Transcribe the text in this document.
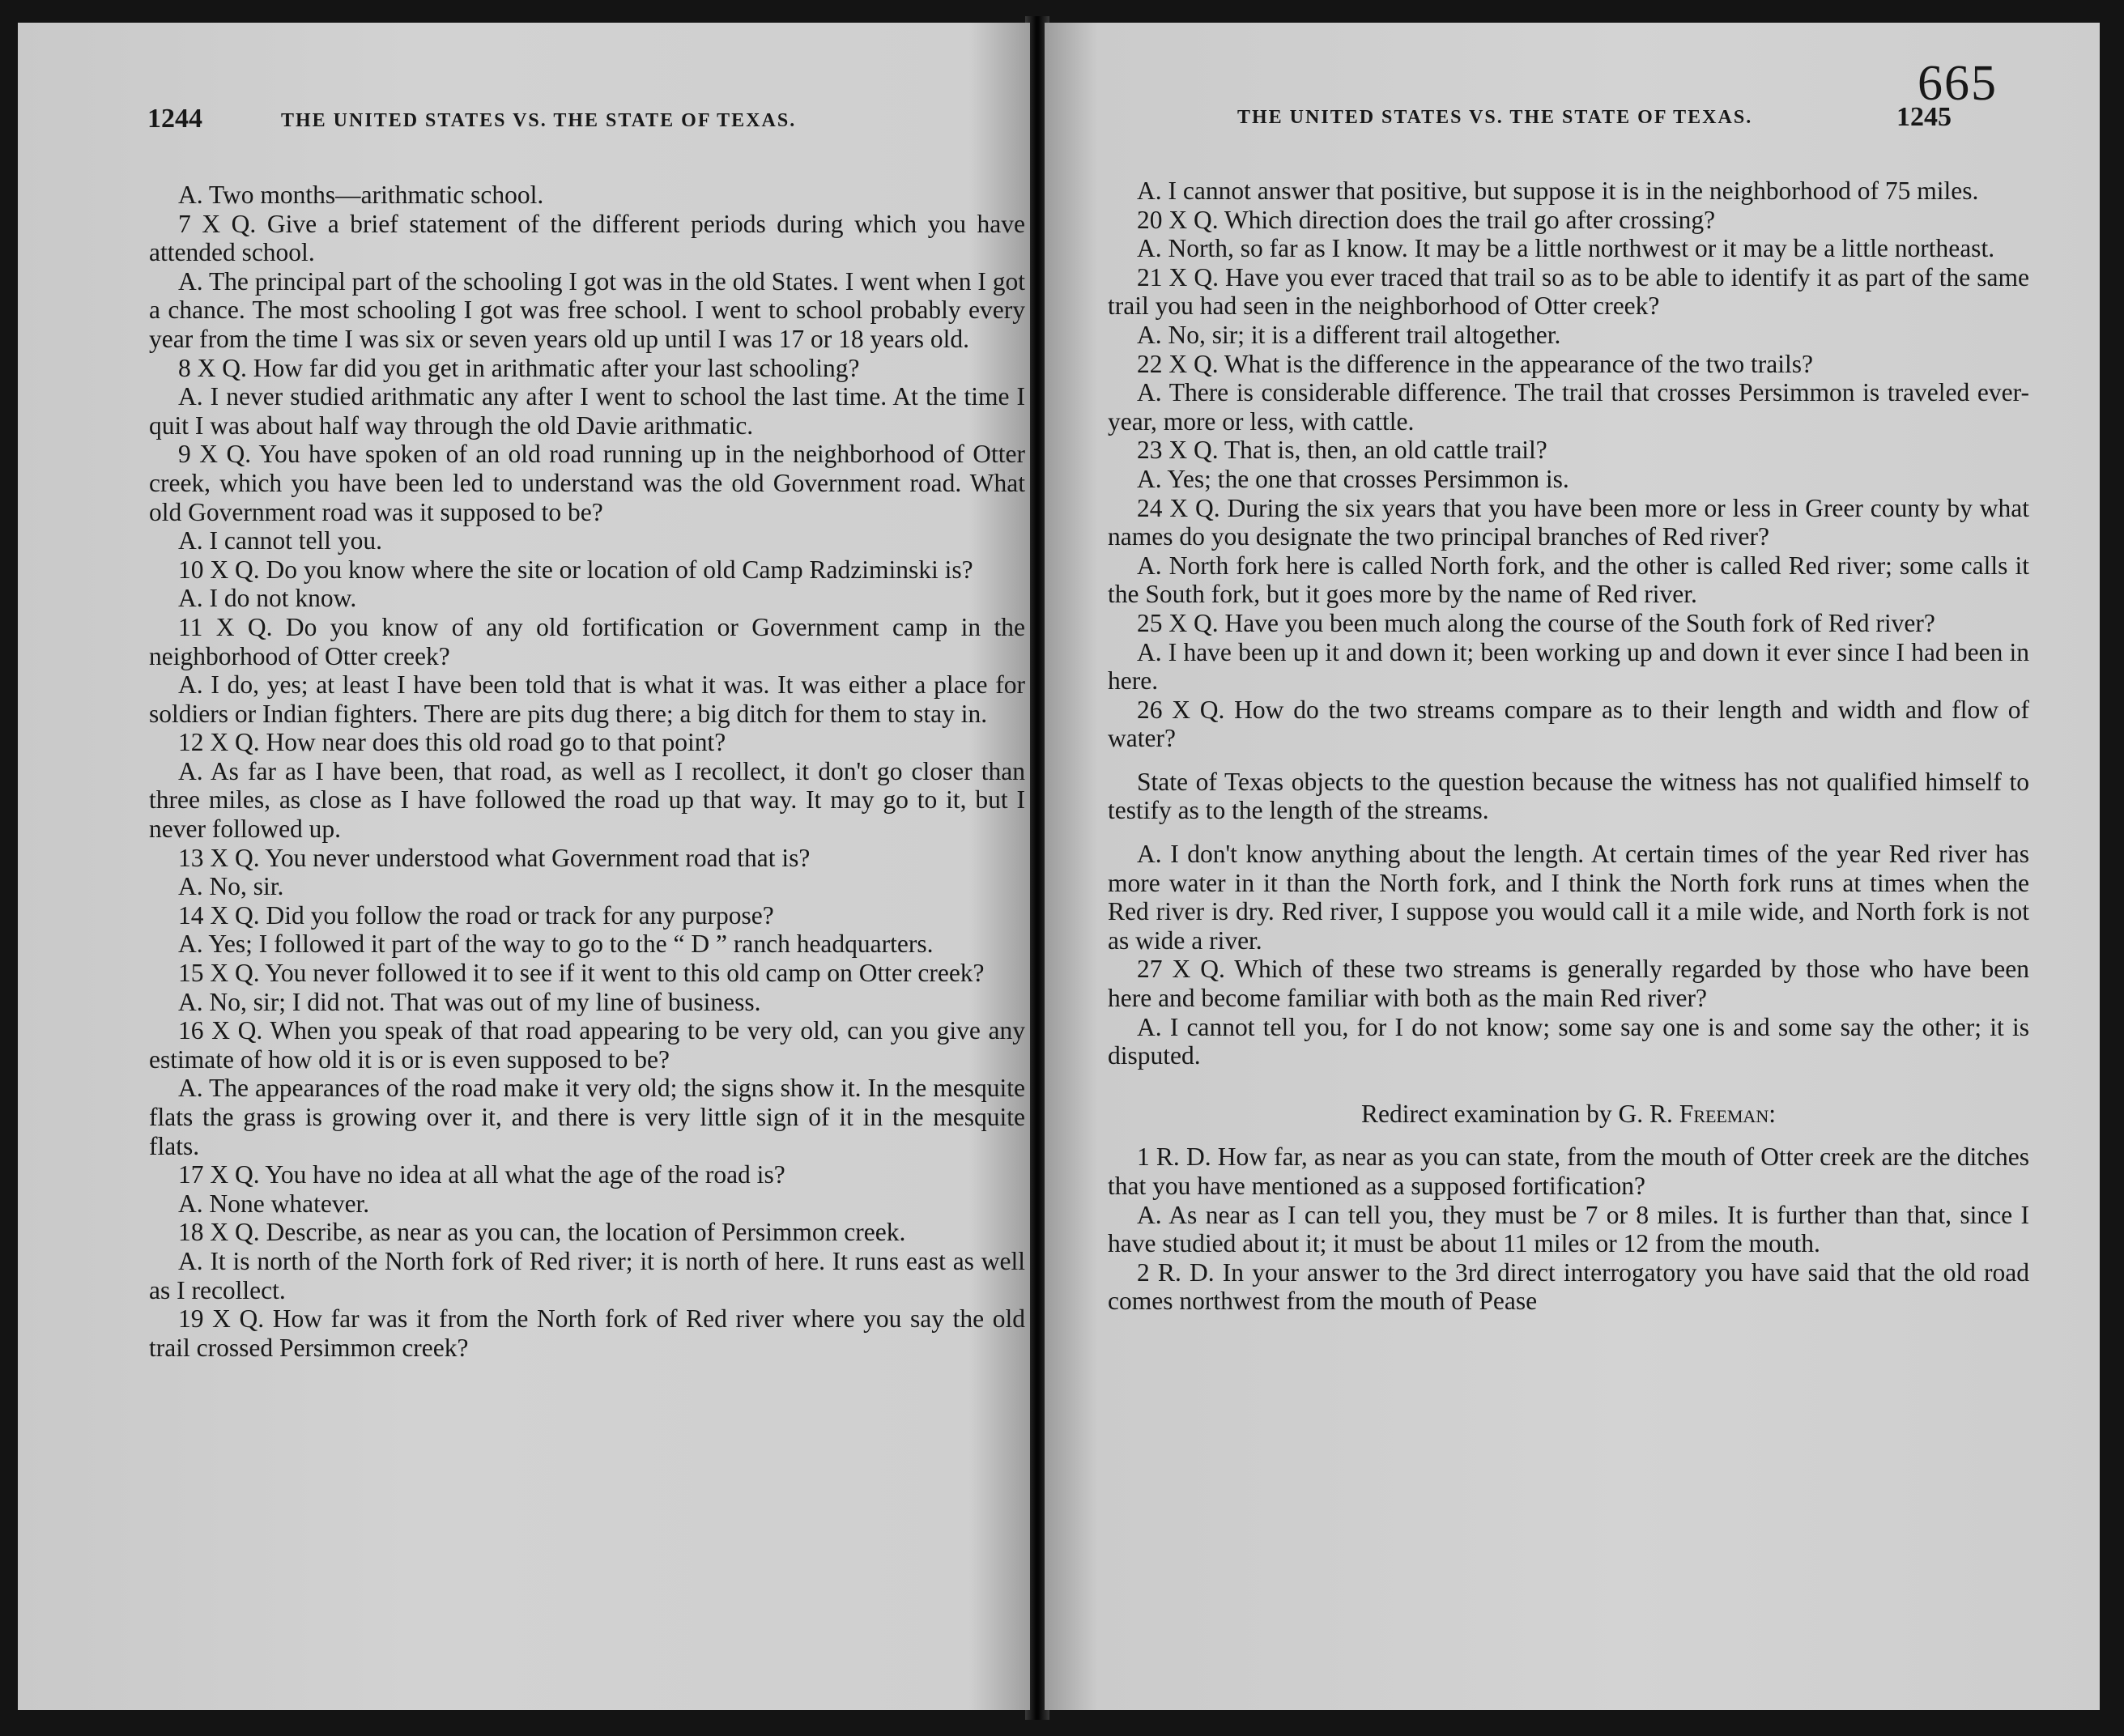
1244	THE UNITED STATES VS. THE STATE OF TEXAS.

A. Two months—arithmatic school.

7 X Q. Give a brief statement of the different periods during which you have attended school.

A. The principal part of the schooling I got was in the old States. I went when I got a chance. The most schooling I got was free school. I went to school probably every year from the time I was six or seven years old up until I was 17 or 18 years old.

8 X Q. How far did you get in arithmatic after your last schooling?

A. I never studied arithmatic any after I went to school the last time. At the time I quit I was about half way through the old Davie arithmatic.

9 X Q. You have spoken of an old road running up in the neighborhood of Otter creek, which you have been led to understand was the old Government road. What old Government road was it supposed to be?

A. I cannot tell you.

10 X Q. Do you know where the site or location of old Camp Radziminski is?

A. I do not know.

11 X Q. Do you know of any old fortification or Government camp in the neighborhood of Otter creek?

A. I do, yes; at least I have been told that is what it was. It was either a place for soldiers or Indian fighters. There are pits dug there; a big ditch for them to stay in.

12 X Q. How near does this old road go to that point?

A. As far as I have been, that road, as well as I recollect, it don't go closer than three miles, as close as I have followed the road up that way. It may go to it, but I never followed up.

13 X Q. You never understood what Government road that is?

A. No, sir.

14 X Q. Did you follow the road or track for any purpose?

A. Yes; I followed it part of the way to go to the “ D ” ranch headquarters.

15 X Q. You never followed it to see if it went to this old camp on Otter creek?

A. No, sir; I did not. That was out of my line of business.

16 X Q. When you speak of that road appearing to be very old, can you give any estimate of how old it is or is even supposed to be?

A. The appearances of the road make it very old; the signs show it. In the mesquite flats the grass is growing over it, and there is very little sign of it in the mesquite flats.

17 X Q. You have no idea at all what the age of the road is?

A. None whatever.

18 X Q. Describe, as near as you can, the location of Persimmon creek.

A. It is north of the North fork of Red river; it is north of here. It runs east as well as I recollect.

19 X Q. How far was it from the North fork of Red river where you say the old trail crossed Persimmon creek?

665
THE UNITED STATES VS. THE STATE OF TEXAS.	1245

A. I cannot answer that positive, but suppose it is in the neighborhood of 75 miles.

20 X Q. Which direction does the trail go after crossing?

A. North, so far as I know. It may be a little northwest or it may be a little northeast.

21 X Q. Have you ever traced that trail so as to be able to identify it as part of the same trail you had seen in the neighborhood of Otter creek?

A. No, sir; it is a different trail altogether.

22 X Q. What is the difference in the appearance of the two trails?

A. There is considerable difference. The trail that crosses Persimmon is traveled ever- year, more or less, with cattle.

23 X Q. That is, then, an old cattle trail?

A. Yes; the one that crosses Persimmon is.

24 X Q. During the six years that you have been more or less in Greer county by what names do you designate the two principal branches of Red river?

A. North fork here is called North fork, and the other is called Red river; some calls it the South fork, but it goes more by the name of Red river.

25 X Q. Have you been much along the course of the South fork of Red river?

A. I have been up it and down it; been working up and down it ever since I had been in here.

26 X Q. How do the two streams compare as to their length and width and flow of water?

State of Texas objects to the question because the witness has not qualified himself to testify as to the length of the streams.

A. I don't know anything about the length. At certain times of the year Red river has more water in it than the North fork, and I think the North fork runs at times when the Red river is dry. Red river, I suppose you would call it a mile wide, and North fork is not as wide a river.

27 X Q. Which of these two streams is generally regarded by those who have been here and become familiar with both as the main Red river?

A. I cannot tell you, for I do not know; some say one is and some say the other; it is disputed.

Redirect examination by G. R. Freeman:

1 R. D. How far, as near as you can state, from the mouth of Otter creek are the ditches that you have mentioned as a supposed fortification?

A. As near as I can tell you, they must be 7 or 8 miles. It is further than that, since I have studied about it; it must be about 11 miles or 12 from the mouth.

2 R. D. In your answer to the 3rd direct interrogatory you have said that the old road comes northwest from the mouth of Pease
